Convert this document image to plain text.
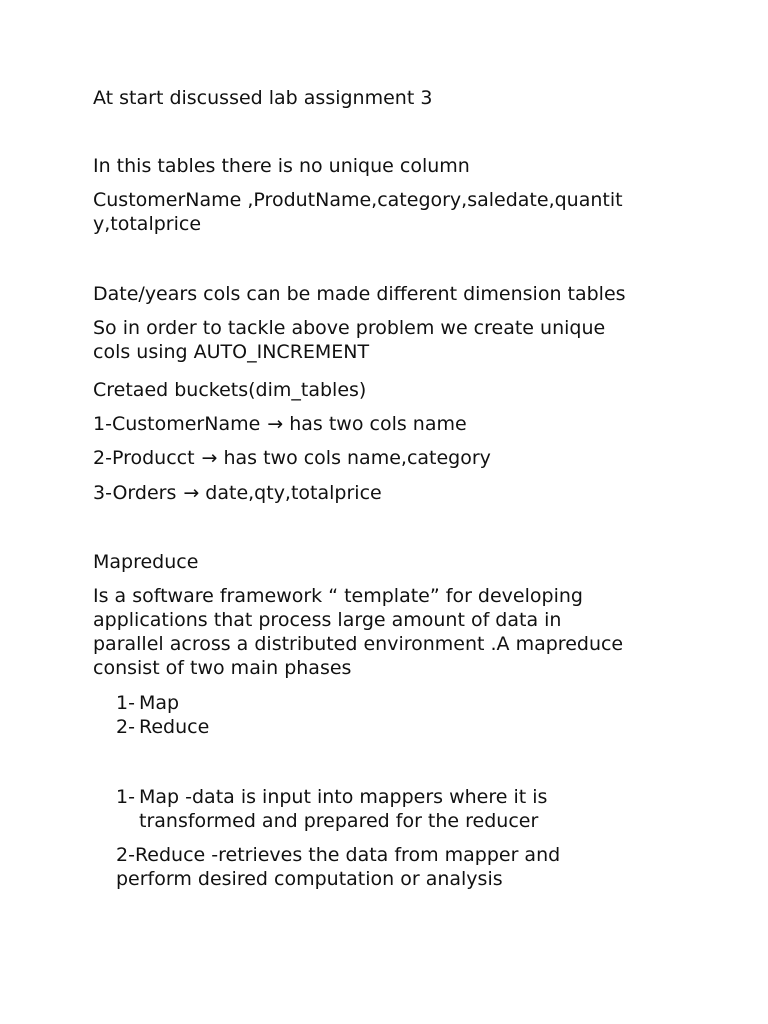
At start discussed lab assignment 3
In this tables there is no unique column
CustomerName ,ProdutName,category,saledate,quantit
y,totalprice
Date/years cols can be made different dimension tables
So in order to tackle above problem we create unique
cols using AUTO_INCREMENT
Cretaed buckets(dim_tables)
1-CustomerName → has two cols name
2-Producct → has two cols name,category
3-Orders → date,qty,totalprice
Mapreduce
Is a software framework “ template” for developing
applications that process large amount of data in
parallel across a distributed environment .A mapreduce
consist of two main phases
1- Map
2- Reduce
1- Map -data is input into mappers where it is
transformed and prepared for the reducer
2-Reduce -retrieves the data from mapper and
perform desired computation or analysis
